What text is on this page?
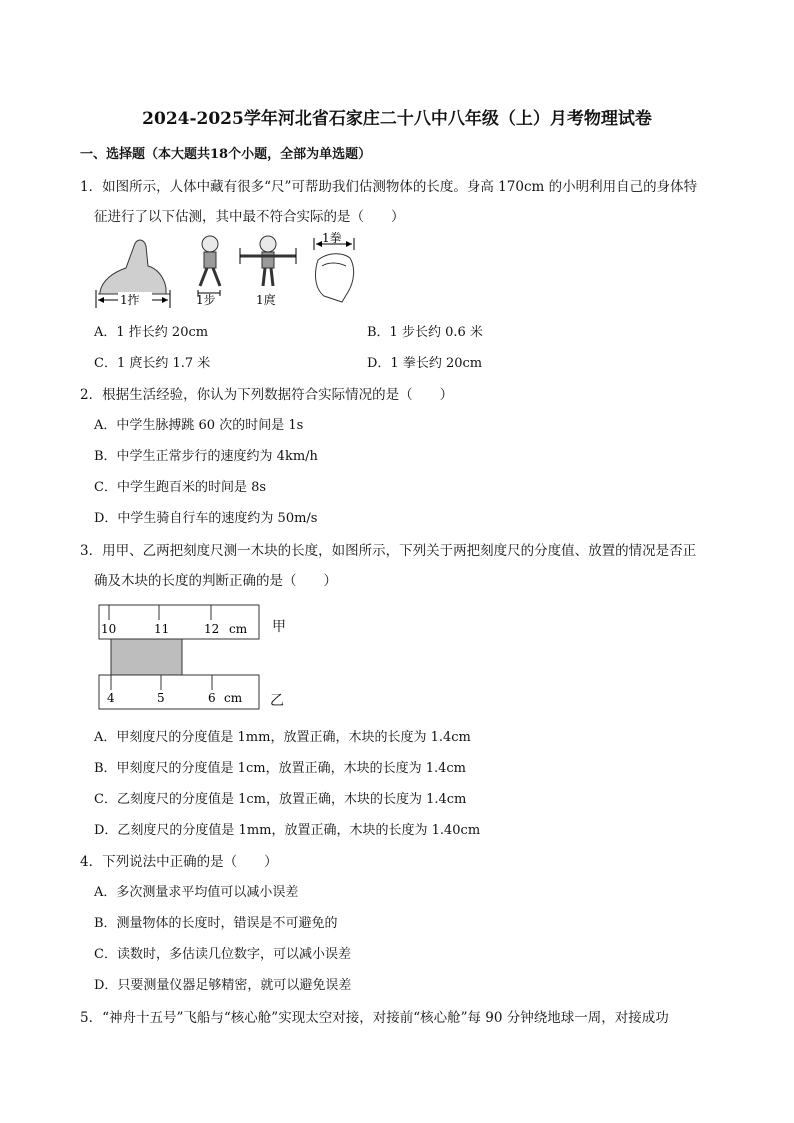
2024-2025学年河北省石家庄二十八中八年级（上）月考物理试卷
一、选择题（本大题共18个小题，全部为单选题）
1．如图所示，人体中藏有很多“尺”可帮助我们估测物体的长度。身高 170cm 的小明利用自己的身体特
征进行了以下估测，其中最不符合实际的是（　　）
1拃	1步	1庹
1拳
A．1 拃长约 20cm	B．1 步长约 0.6 米
C．1 庹长约 1.7 米	D．1 拳长约 20cm
2．根据生活经验，你认为下列数据符合实际情况的是（　　）
A．中学生脉搏跳 60 次的时间是 1s
B．中学生正常步行的速度约为 4km/h
C．中学生跑百米的时间是 8s
D．中学生骑自行车的速度约为 50m/s
3．用甲、乙两把刻度尺测一木块的长度，如图所示，下列关于两把刻度尺的分度值、放置的情况是否正
确及木块的长度的判断正确的是（　　）
10	11	12 cm
4	5	6 cm
甲
乙
A．甲刻度尺的分度值是 1mm，放置正确，木块的长度为 1.4cm
B．甲刻度尺的分度值是 1cm，放置正确，木块的长度为 1.4cm
C．乙刻度尺的分度值是 1cm，放置正确，木块的长度为 1.4cm
D．乙刻度尺的分度值是 1mm，放置正确，木块的长度为 1.40cm
4．下列说法中正确的是（　　）
A．多次测量求平均值可以减小误差
B．测量物体的长度时，错误是不可避免的
C．读数时，多估读几位数字，可以减小误差
D．只要测量仪器足够精密，就可以避免误差
5．“神舟十五号”飞船与“核心舱”实现太空对接，对接前“核心舱”每 90 分钟绕地球一周，对接成功
